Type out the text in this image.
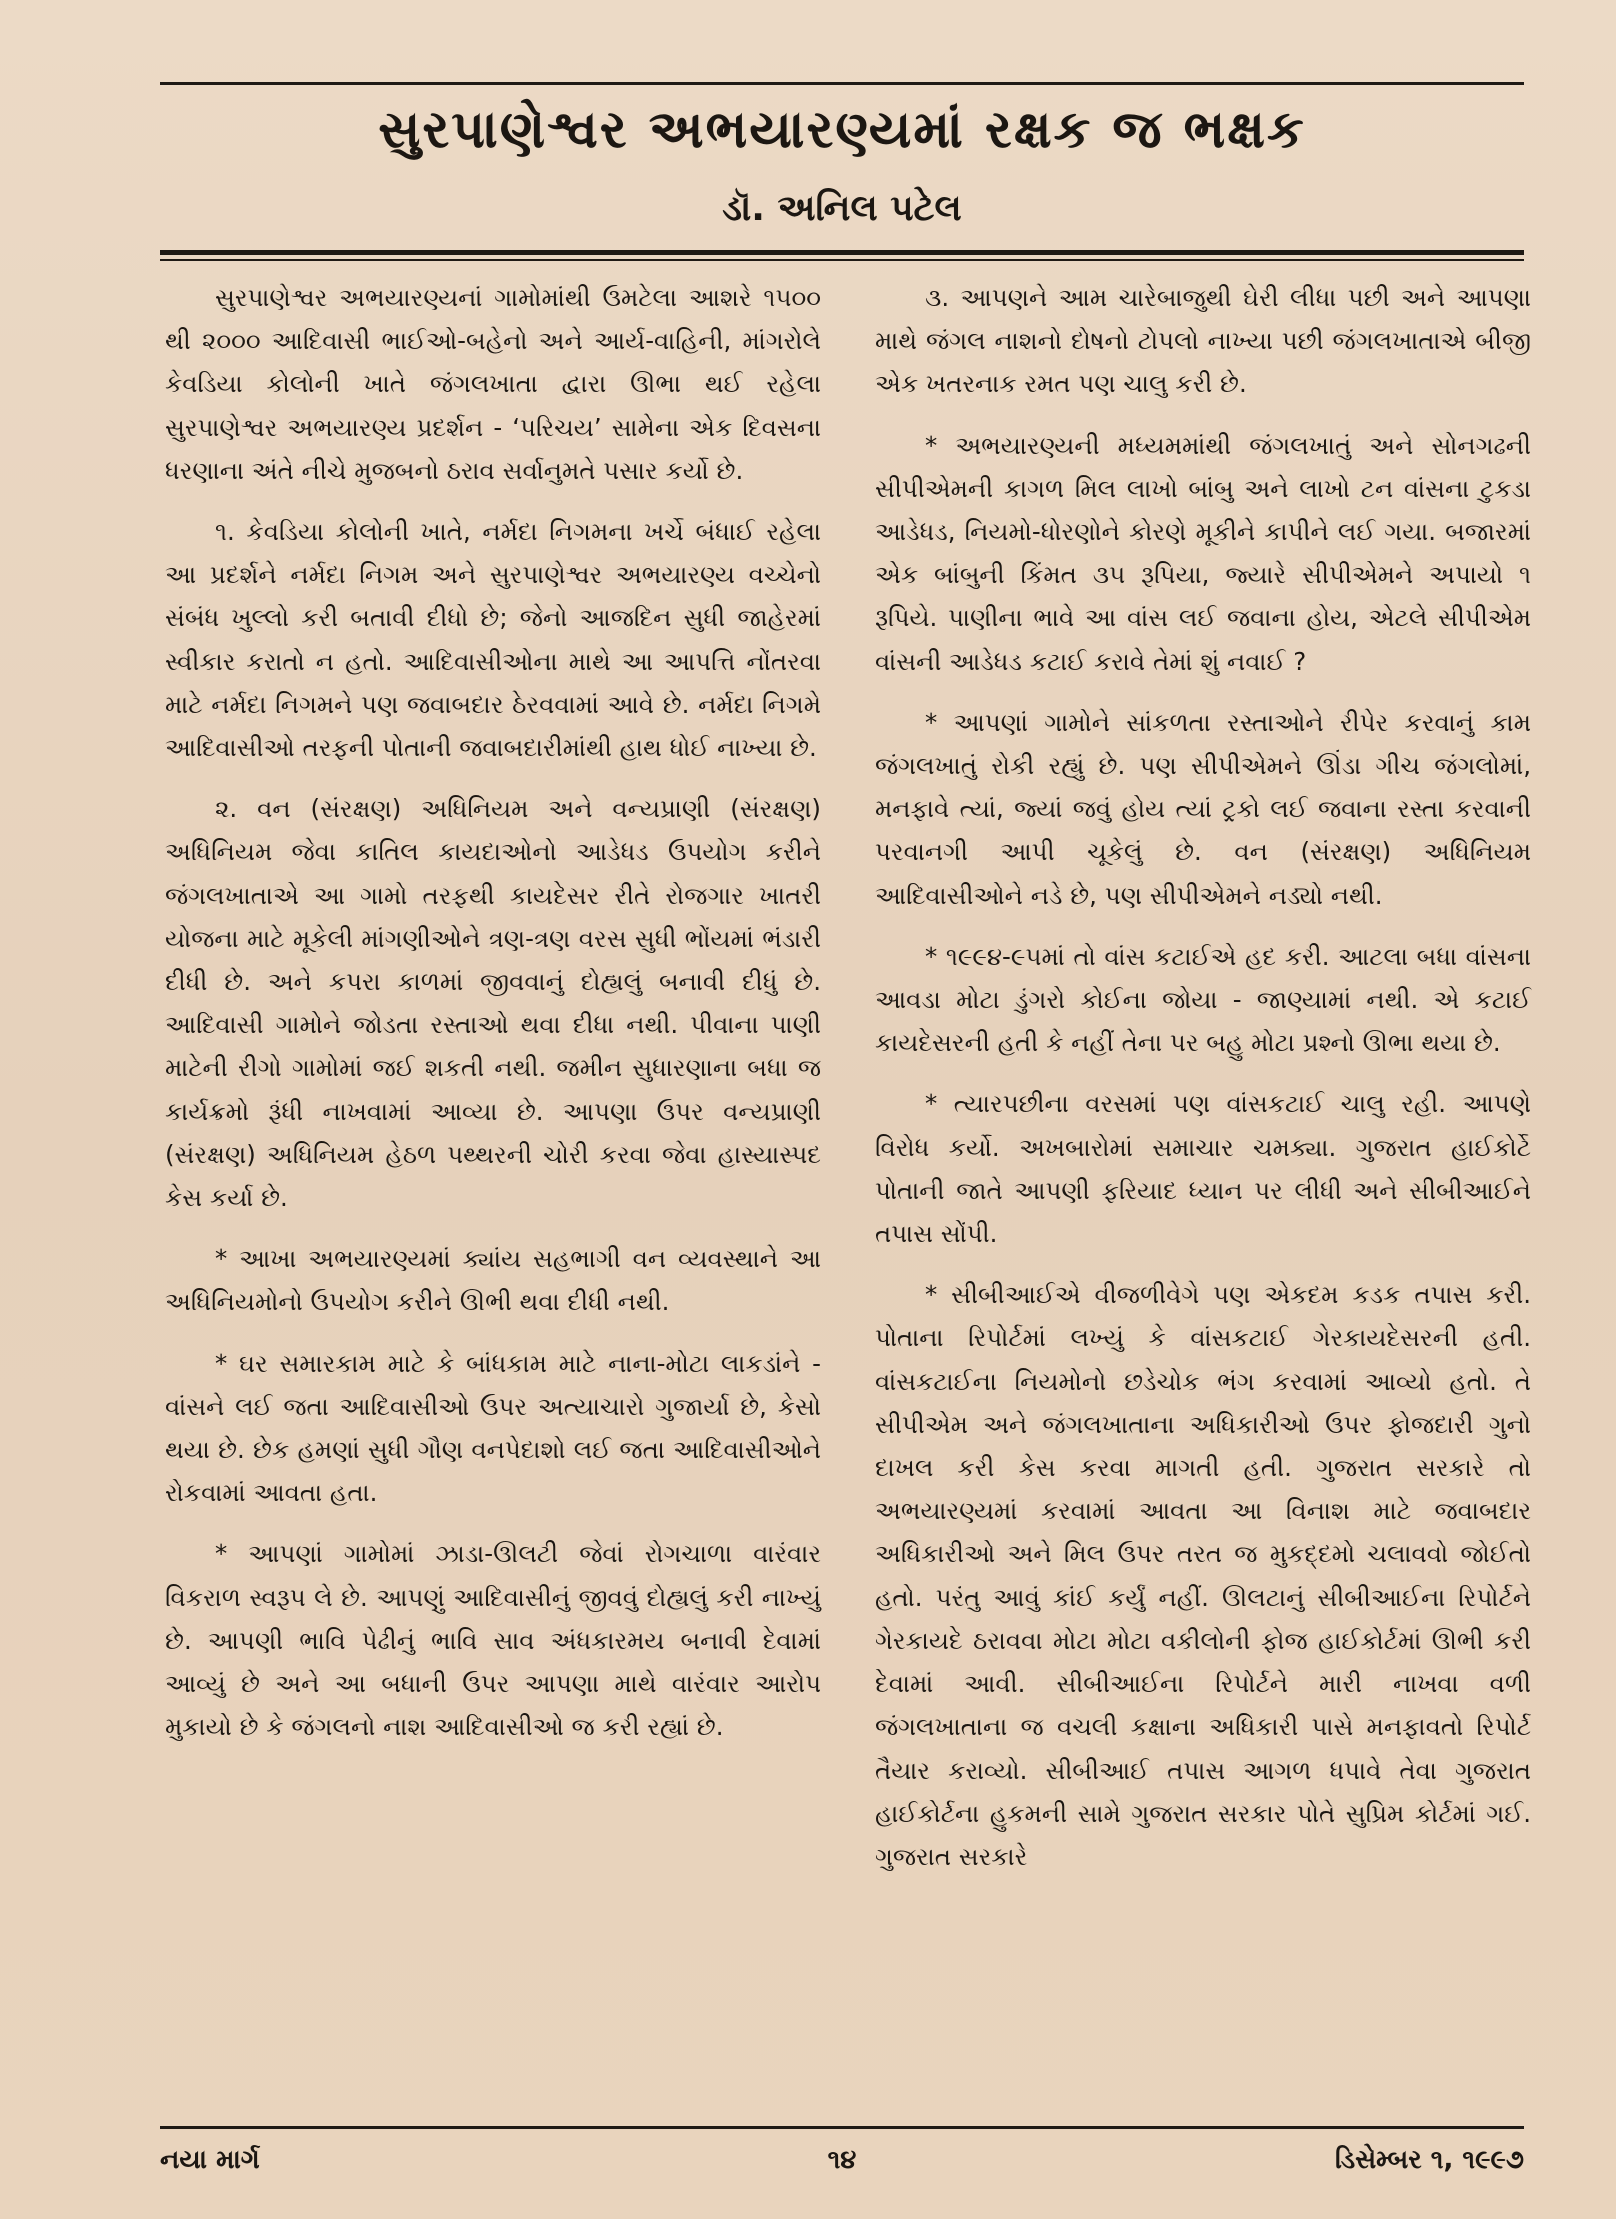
સુરપાણેશ્વર અભયારણ્યમાં રક્ષક જ ભક્ષક
ડૉ. અનિલ પટેલ

સુરપાણેશ્વર અભયારણ્યનાં ગામોમાંથી ઉમટેલા આશરે ૧૫૦૦ થી ૨૦૦૦ આદિવાસી ભાઈઓ-બહેનો અને આર્ય-વાહિની, માંગરોલે કેવડિયા કોલોની ખાતે જંગલખાતા દ્વારા ઊભા થઈ રહેલા સુરપાણેશ્વર અભયારણ્ય પ્રદર્શન - ‘પરિચય’ સામેના એક દિવસના ધરણાના અંતે નીચે મુજબનો ઠરાવ સર્વાનુમતે પસાર કર્યો છે.

૧. કેવડિયા કોલોની ખાતે, નર્મદા નિગમના ખર્ચે બંધાઈ રહેલા આ પ્રદર્શને નર્મદા નિગમ અને સુરપાણેશ્વર અભયારણ્ય વચ્ચેનો સંબંધ ખુલ્લો કરી બતાવી દીધો છે; જેનો આજદિન સુધી જાહેરમાં સ્વીકાર કરાતો ન હતો. આદિવાસીઓના માથે આ આપત્તિ નોંતરવા માટે નર્મદા નિગમને પણ જવાબદાર ઠેરવવામાં આવે છે. નર્મદા નિગમે આદિવાસીઓ તરફની પોતાની જવાબદારીમાંથી હાથ ધોઈ નાખ્યા છે.

૨. વન (સંરક્ષણ) અધિનિયમ અને વન્યપ્રાણી (સંરક્ષણ) અધિનિયમ જેવા કાતિલ કાયદાઓનો આડેધડ ઉપયોગ કરીને જંગલખાતાએ આ ગામો તરફથી કાયદેસર રીતે રોજગાર ખાતરી યોજના માટે મૂકેલી માંગણીઓને ત્રણ-ત્રણ વરસ સુધી ભોંયમાં ભંડારી દીધી છે. અને કપરા કાળમાં જીવવાનું દોહ્યલું બનાવી દીધું છે. આદિવાસી ગામોને જોડતા રસ્તાઓ થવા દીધા નથી. પીવાના પાણી માટેની રીગો ગામોમાં જઈ શકતી નથી. જમીન સુધારણાના બધા જ કાર્યક્રમો રૂંધી નાખવામાં આવ્યા છે. આપણા ઉપર વન્યપ્રાણી (સંરક્ષણ) અધિનિયમ હેઠળ પથ્થરની ચોરી કરવા જેવા હાસ્યાસ્પદ કેસ કર્યા છે.

* આખા અભયારણ્યમાં ક્યાંય સહભાગી વન વ્યવસ્થાને આ અધિનિયમોનો ઉપયોગ કરીને ઊભી થવા દીધી નથી.

* ઘર સમારકામ માટે કે બાંધકામ માટે નાના-મોટા લાકડાંને - વાંસને લઈ જતા આદિવાસીઓ ઉપર અત્યાચારો ગુજાર્યા છે, કેસો થયા છે. છેક હમણાં સુધી ગૌણ વનપેદાશો લઈ જતા આદિવાસીઓને રોકવામાં આવતા હતા.

* આપણાં ગામોમાં ઝાડા-ઊલટી જેવાં રોગચાળા વારંવાર વિકરાળ સ્વરૂપ લે છે. આપણું આદિવાસીનું જીવવું દોહ્યલું કરી નાખ્યું છે. આપણી ભાવિ પેઢીનું ભાવિ સાવ અંધકારમય બનાવી દેવામાં આવ્યું છે અને આ બધાની ઉપર આપણા માથે વારંવાર આરોપ મુકાયો છે કે જંગલનો નાશ આદિવાસીઓ જ કરી રહ્યાં છે.

૩. આપણને આમ ચારેબાજુથી ઘેરી લીધા પછી અને આપણા માથે જંગલ નાશનો દોષનો ટોપલો નાખ્યા પછી જંગલખાતાએ બીજી એક ખતરનાક રમત પણ ચાલુ કરી છે.

* અભયારણ્યની મધ્યમમાંથી જંગલખાતું અને સોનગઢની સીપીએમની કાગળ મિલ લાખો બાંબુ અને લાખો ટન વાંસના ટુકડા આડેધડ, નિયમો-ધોરણોને કોરણે મૂકીને કાપીને લઈ ગયા. બજારમાં એક બાંબુની કિંમત ૩૫ રૂપિયા, જ્યારે સીપીએમને અપાયો ૧ રૂપિયે. પાણીના ભાવે આ વાંસ લઈ જવાના હોય, એટલે સીપીએમ વાંસની આડેધડ કટાઈ કરાવે તેમાં શું નવાઈ ?

* આપણાં ગામોને સાંકળતા રસ્તાઓને રીપેર કરવાનું કામ જંગલખાતું રોકી રહ્યું છે. પણ સીપીએમને ઊંડા ગીચ જંગલોમાં, મનફાવે ત્યાં, જ્યાં જવું હોય ત્યાં ટ્રકો લઈ જવાના રસ્તા કરવાની પરવાનગી આપી ચૂકેલું છે. વન (સંરક્ષણ) અધિનિયમ આદિવાસીઓને નડે છે, પણ સીપીએમને નડ્યો નથી.

* ૧૯૯૪-૯૫માં તો વાંસ કટાઈએ હદ કરી. આટલા બધા વાંસના આવડા મોટા ડુંગરો કોઈના જોયા - જાણ્યામાં નથી. એ કટાઈ કાયદેસરની હતી કે નહીં તેના પર બહુ મોટા પ્રશ્નો ઊભા થયા છે.

* ત્યારપછીના વરસમાં પણ વાંસકટાઈ ચાલુ રહી. આપણે વિરોધ કર્યો. અખબારોમાં સમાચાર ચમક્યા. ગુજરાત હાઈકોર્ટે પોતાની જાતે આપણી ફરિયાદ ધ્યાન પર લીધી અને સીબીઆઈને તપાસ સોંપી.

* સીબીઆઈએ વીજળીવેગે પણ એકદમ કડક તપાસ કરી. પોતાના રિપોર્ટમાં લખ્યું કે વાંસકટાઈ ગેરકાયદેસરની હતી. વાંસકટાઈના નિયમોનો છડેચોક ભંગ કરવામાં આવ્યો હતો. તે સીપીએમ અને જંગલખાતાના અધિકારીઓ ઉપર ફોજદારી ગુનો દાખલ કરી કેસ કરવા માગતી હતી. ગુજરાત સરકારે તો અભયારણ્યમાં કરવામાં આવતા આ વિનાશ માટે જવાબદાર અધિકારીઓ અને મિલ ઉપર તરત જ મુકદ્દમો ચલાવવો જોઈતો હતો. પરંતુ આવું કાંઈ કર્યું નહીં. ઊલટાનું સીબીઆઈના રિપોર્ટને ગેરકાયદે ઠરાવવા મોટા મોટા વકીલોની ફોજ હાઈકોર્ટમાં ઊભી કરી દેવામાં આવી. સીબીઆઈના રિપોર્ટને મારી નાખવા વળી જંગલખાતાના જ વચલી કક્ષાના અધિકારી પાસે મનફાવતો રિપોર્ટ તૈયાર કરાવ્યો. સીબીઆઈ તપાસ આગળ ધપાવે તેવા ગુજરાત હાઈકોર્ટના હુકમની સામે ગુજરાત સરકાર પોતે સુપ્રિમ કોર્ટમાં ગઈ. ગુજરાત સરકારે

નયા માર્ગ	૧૪	ડિસેમ્બર ૧, ૧૯૯૭
